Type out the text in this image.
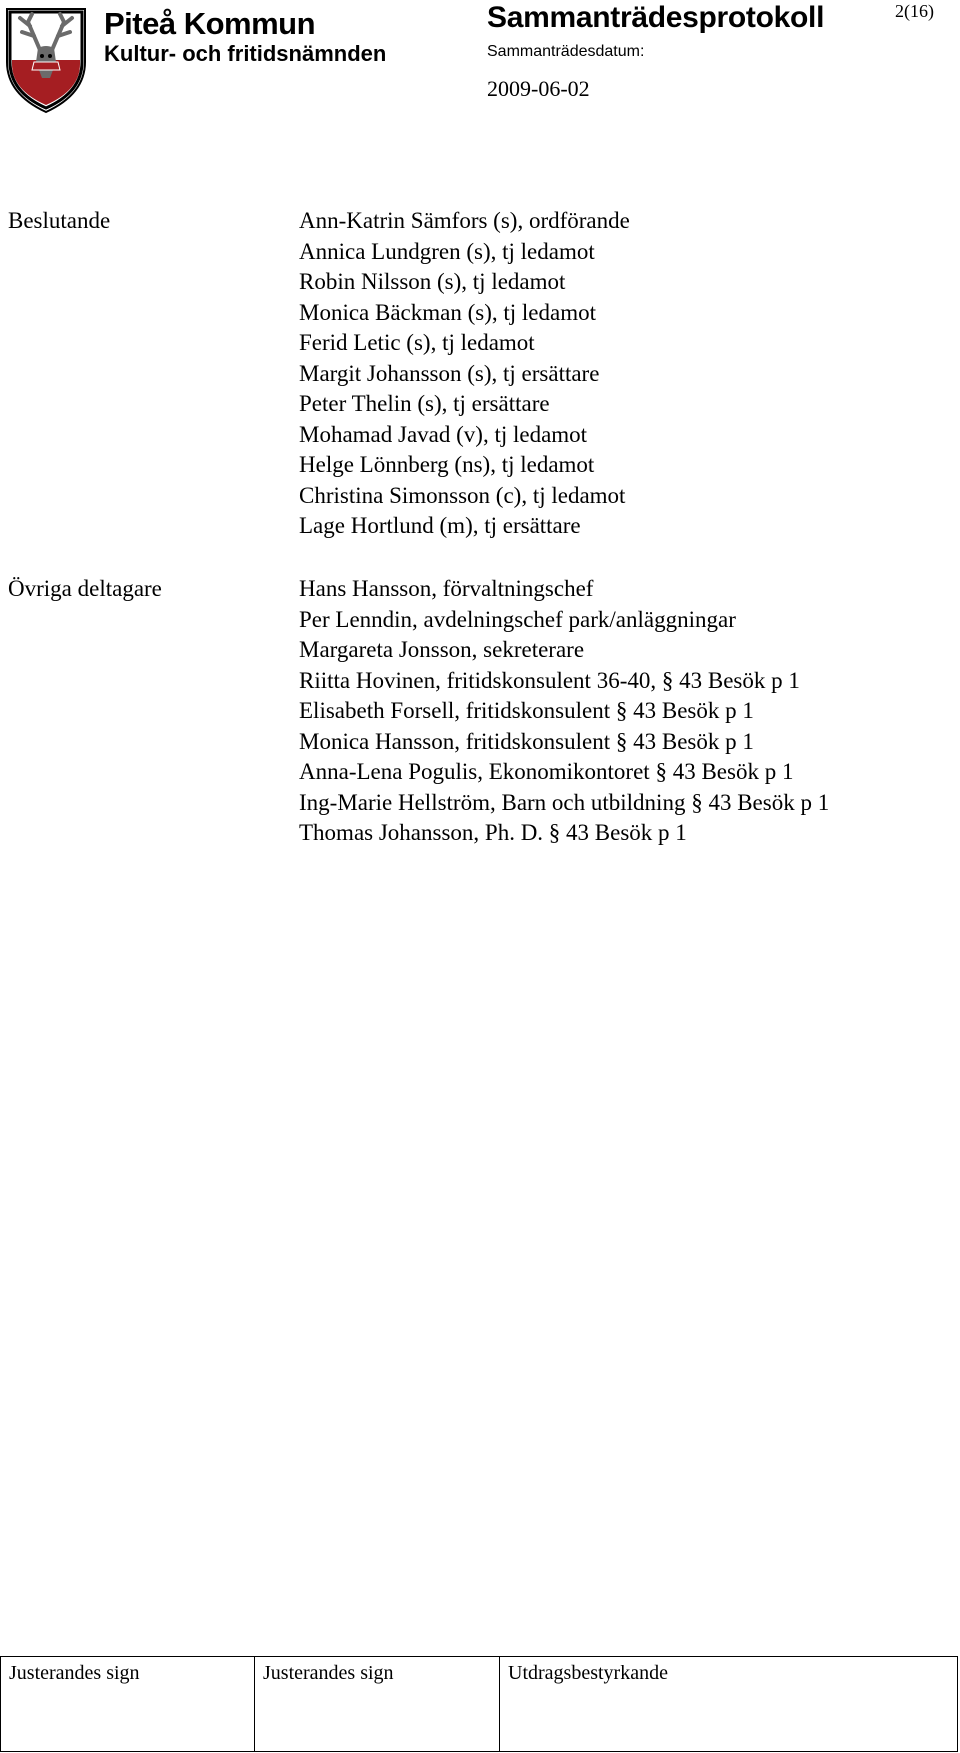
Piteå Kommun
Kultur- och fritidsnämnden
Sammanträdesprotokoll
Sammanträdesdatum:
2009-06-02
2(16)
Beslutande	Ann-Katrin Sämfors (s), ordförande
Annica Lundgren (s), tj ledamot
Robin Nilsson (s), tj ledamot
Monica Bäckman (s), tj ledamot
Ferid Letic (s), tj ledamot
Margit Johansson (s), tj ersättare
Peter Thelin (s), tj ersättare
Mohamad Javad (v), tj ledamot
Helge Lönnberg (ns), tj ledamot
Christina Simonsson (c), tj ledamot
Lage Hortlund (m), tj ersättare
Övriga deltagare	Hans Hansson, förvaltningschef
Per Lenndin, avdelningschef park/anläggningar
Margareta Jonsson, sekreterare
Riitta Hovinen, fritidskonsulent 36-40, § 43 Besök p 1
Elisabeth Forsell, fritidskonsulent § 43 Besök p 1
Monica Hansson, fritidskonsulent § 43 Besök p 1
Anna-Lena Pogulis, Ekonomikontoret § 43 Besök p 1
Ing-Marie Hellström, Barn och utbildning § 43 Besök p 1
Thomas Johansson, Ph. D. § 43 Besök p 1
Justerandes sign	Justerandes sign	Utdragsbestyrkande
